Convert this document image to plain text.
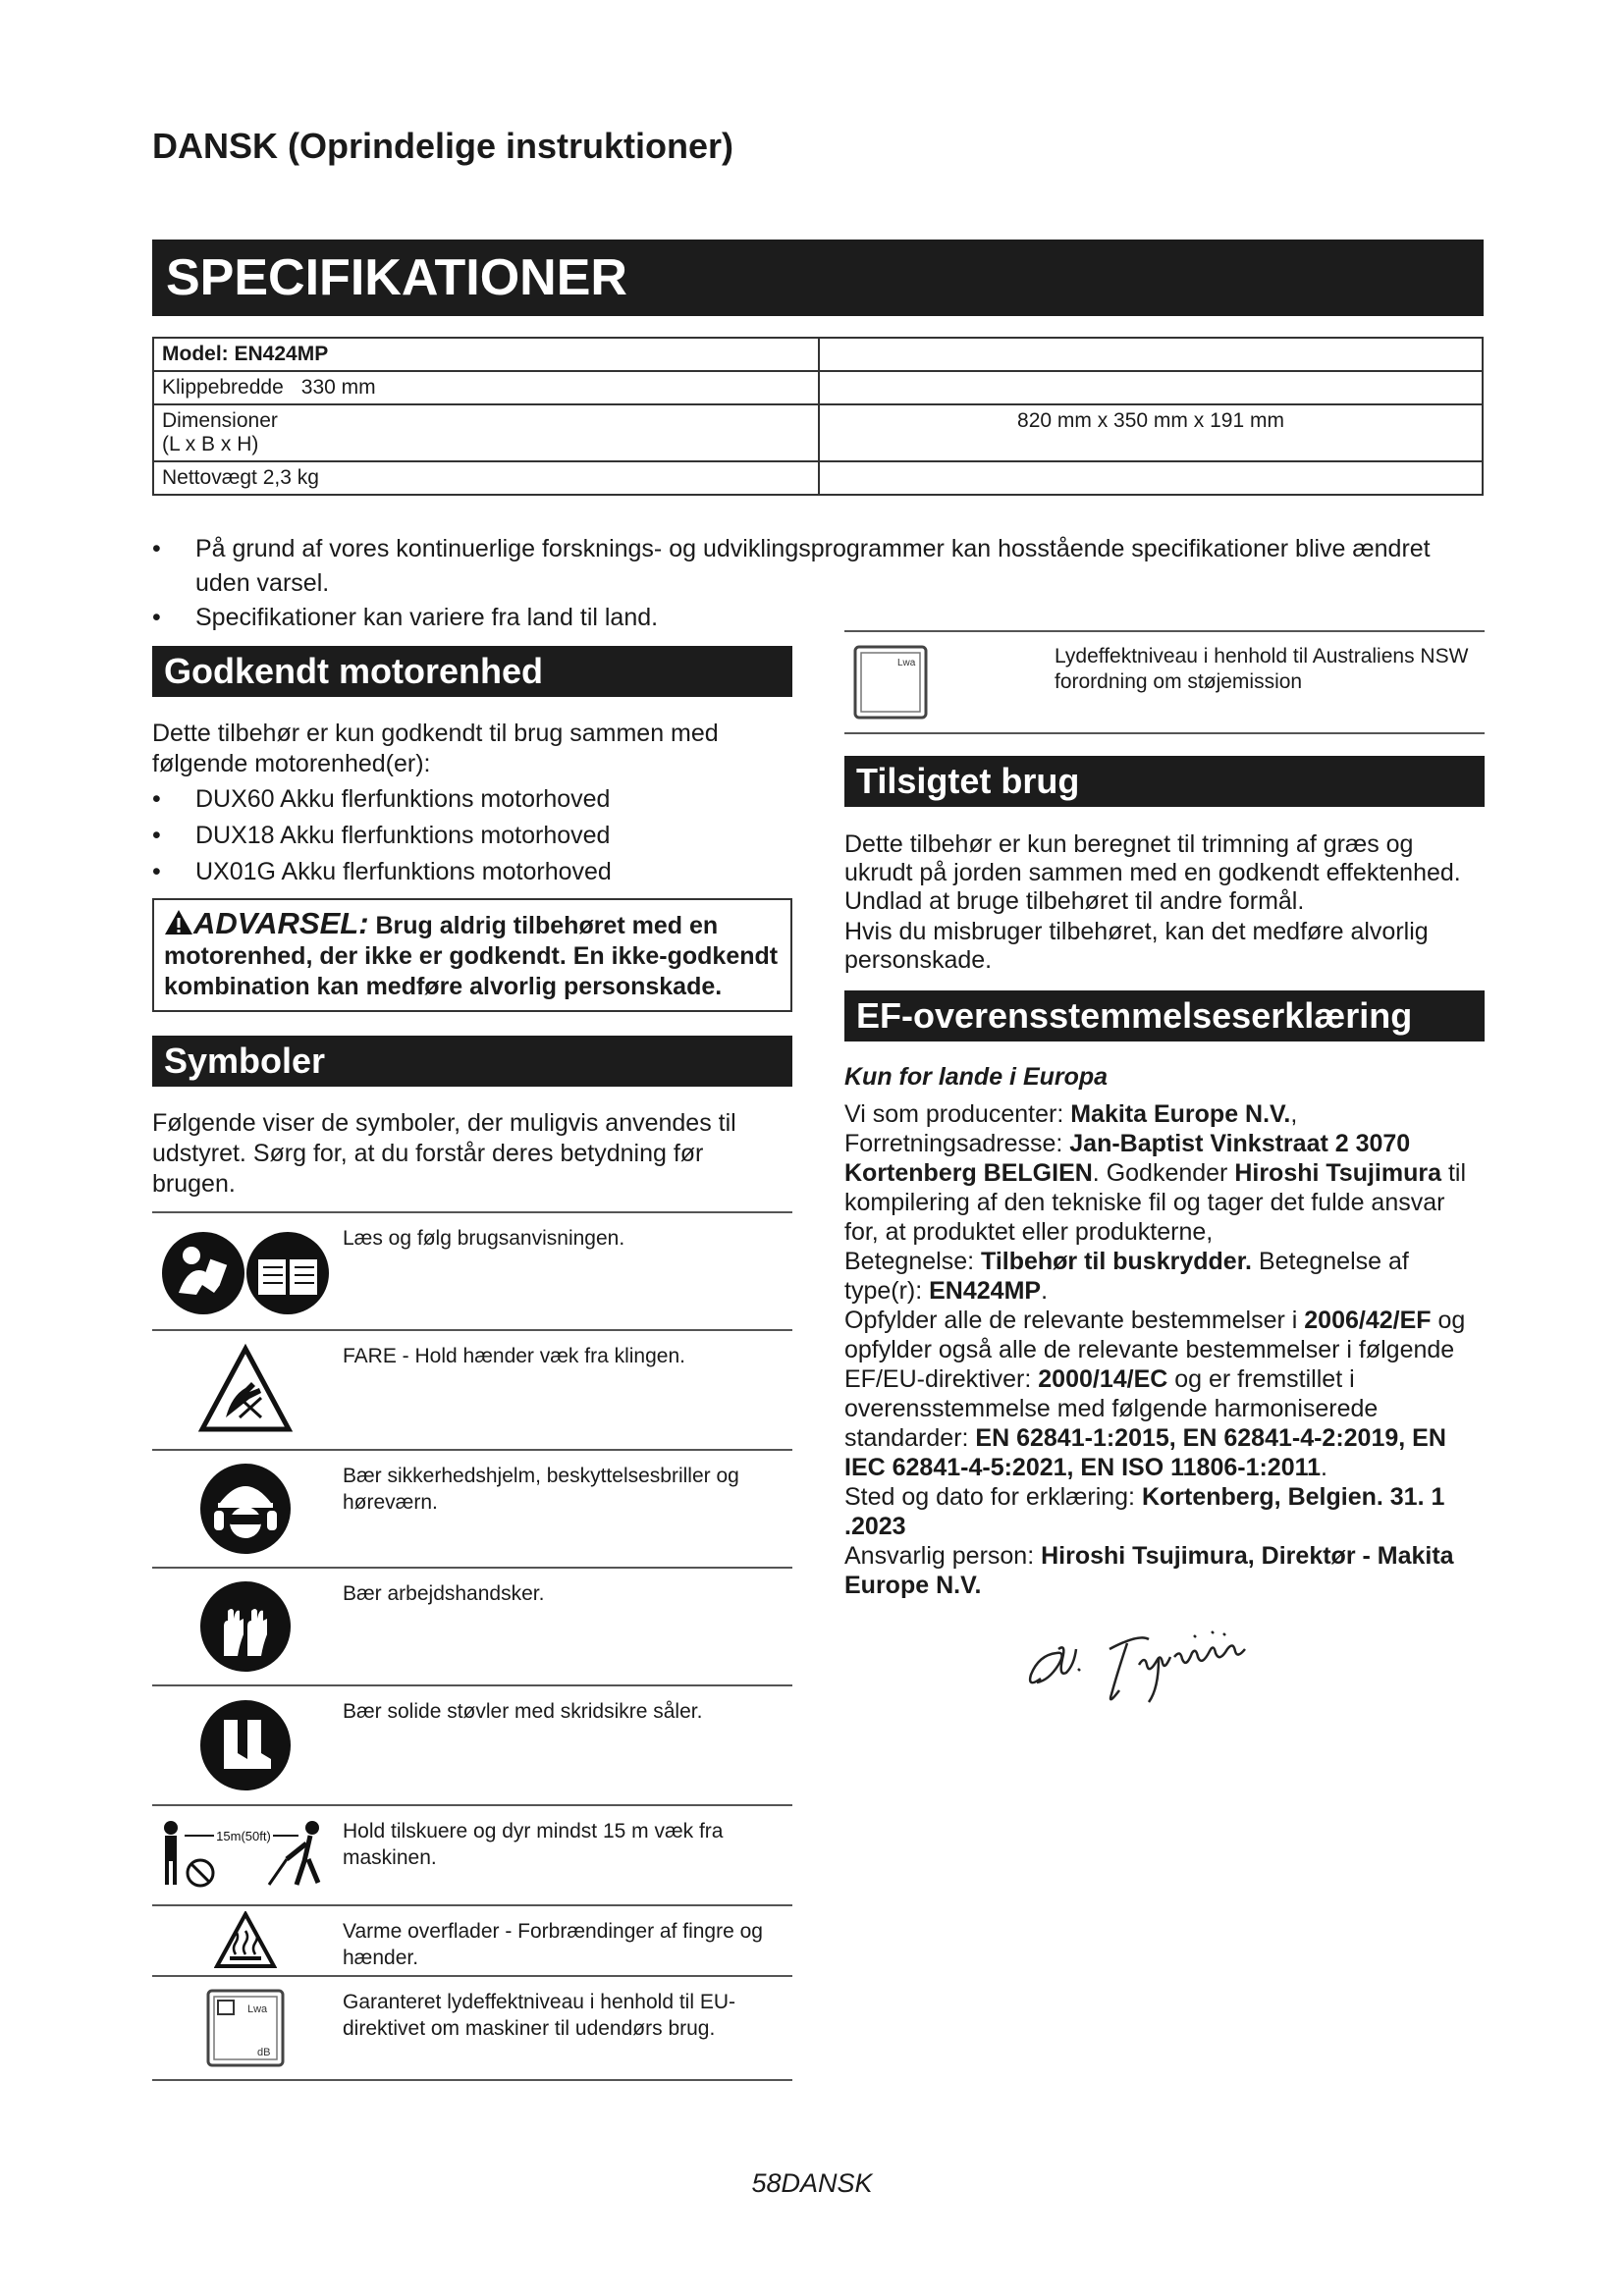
DANSK (Oprindelige instruktioner)
SPECIFIKATIONER
Model: EN424MP	
Klippebredde 330 mm	

Dimensioner
(L x B x H)	820 mm x 350 mm x 191 mm
Nettovægt 2,3 kg	
• På grund af vores kontinuerlige forsknings- og udviklingsprogrammer kan hosstående specifikationer blive ændret uden varsel.
• Specifikationer kan variere fra land til land.
Godkendt motorenhed

Dette tilbehør er kun godkendt til brug sammen med følgende motorenhed(er):

• DUX60 Akku flerfunktions motorhoved
• DUX18 Akku flerfunktions motorhoved
• UX01G Akku flerfunktions motorhoved
ADVARSEL: Brug aldrig tilbehøret med en motorenhed, der ikke er godkendt. En ikke-godkendt kombination kan medføre alvorlig personskade.
Symboler

Følgende viser de symboler, der muligvis anvendes til udstyret. Sørg for, at du forstår deres betydning før brugen.

Læs og følg brugsanvisningen.
FARE - Hold hænder væk fra klingen.
Bær sikkerhedshjelm, beskyttelsesbriller og høreværn.
Bær arbejdshandsker.
Bær solide støvler med skridsikre såler.
15m(50ft)	Hold tilskuere og dyr mindst 15 m væk fra maskinen.
Varme overflader - Forbrændinger af fingre og hænder.
Lwa
dB
Garanteret lydeffektniveau i henhold til EU-direktivet om maskiner til udendørs brug.
Lwa	Lydeffektniveau i henhold til Australiens NSW forordning om støjemission
Tilsigtet brug

Dette tilbehør er kun beregnet til trimning af græs og ukrudt på jorden sammen med en godkendt effektenhed. Undlad at bruge tilbehøret til andre formål.

Hvis du misbruger tilbehøret, kan det medføre alvorlig personskade.

EF-overensstemmelseserklæring
Kun for lande i Europa
Vi som producenter: Makita Europe N.V., Forretningsadresse: Jan-Baptist Vinkstraat 2 3070 Kortenberg BELGIEN. Godkender Hiroshi Tsujimura til kompilering af den tekniske fil og tager det fulde ansvar for, at produktet eller produkterne,
Betegnelse: Tilbehør til buskrydder. Betegnelse af type(r): EN424MP.
Opfylder alle de relevante bestemmelser i 2006/42/EF og opfylder også alle de relevante bestemmelser i følgende EF/EU-direktiver: 2000/14/EC og er fremstillet i overensstemmelse med følgende harmoniserede standarder: EN 62841-1:2015, EN 62841-4-2:2019, EN IEC 62841-4-5:2021, EN ISO 11806-1:2011.
Sted og dato for erklæring: Kortenberg, Belgien. 31. 1 .2023
Ansvarlig person: Hiroshi Tsujimura, Direktør - Makita Europe N.V.
58DANSK
